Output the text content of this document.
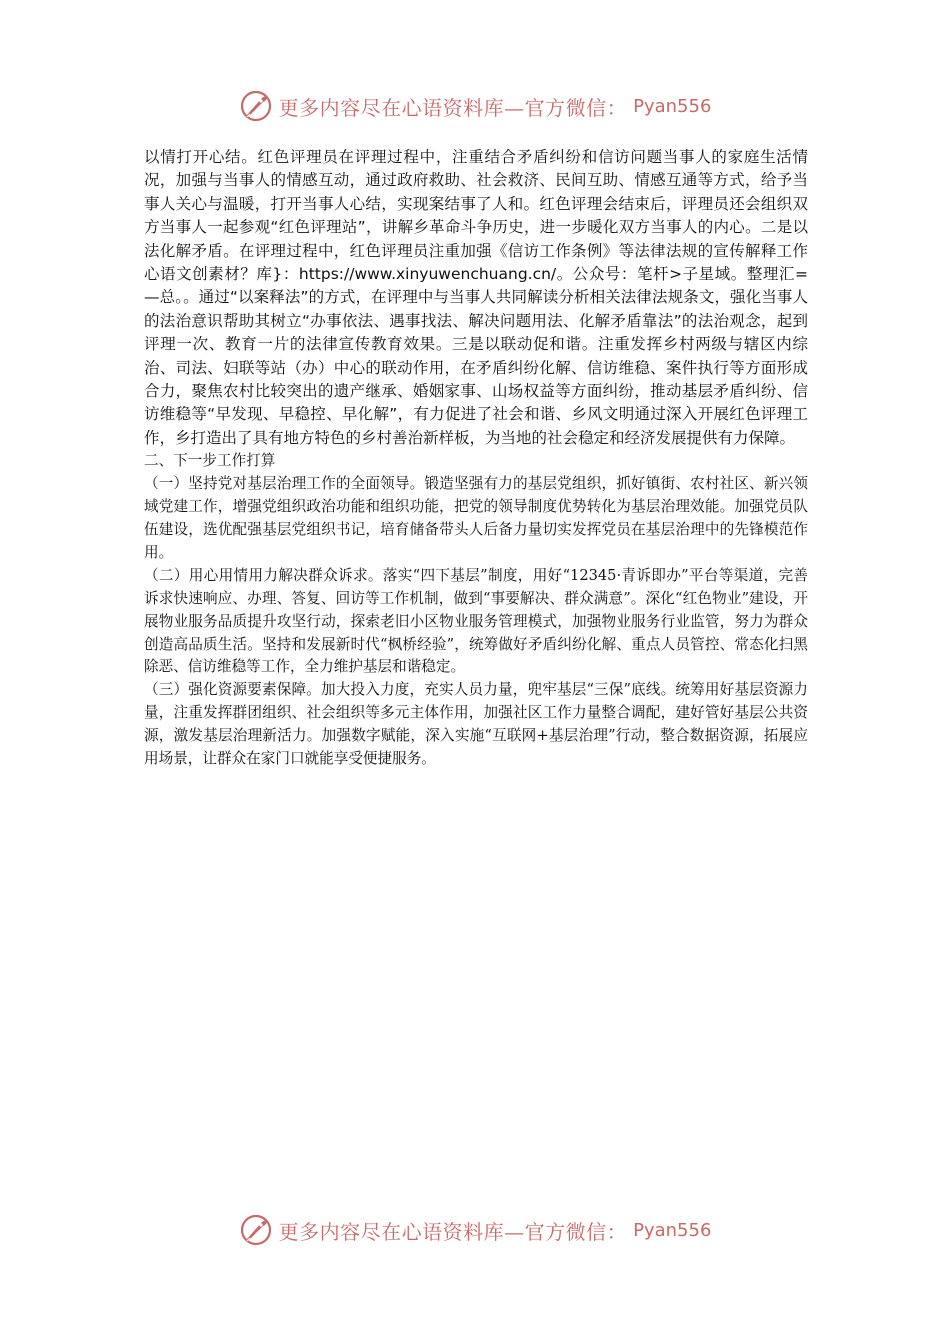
更多内容尽在心语资料库—官方微信： Pyan556

以情打开心结。红色评理员在评理过程中，注重结合矛盾纠纷和信访问题当事人的家庭生活情况，加强与当事人的情感互动，通过政府救助、社会救济、民间互助、情感互通等方式，给予当事人关心与温暖，打开当事人心结，实现案结事了人和。红色评理会结束后，评理员还会组织双方当事人一起参观“红色评理站”，讲解乡革命斗争历史，进一步暖化双方当事人的内心。二是以法化解矛盾。在评理过程中，红色评理员注重加强《信访工作条例》等法律法规的宣传解释工作心语文创素材？库}：https://www.xinyuwenchuang.cn/。公众号：笔杆>子星域。整理汇=—总。。通过“以案释法”的方式，在评理中与当事人共同解读分析相关法律法规条文，强化当事人的法治意识帮助其树立“办事依法、遇事找法、解决问题用法、化解矛盾靠法”的法治观念，起到评理一次、教育一片的法律宣传教育效果。三是以联动促和谐。注重发挥乡村两级与辖区内综治、司法、妇联等站（办）中心的联动作用，在矛盾纠纷化解、信访维稳、案件执行等方面形成合力，聚焦农村比较突出的遗产继承、婚姻家事、山场权益等方面纠纷，推动基层矛盾纠纷、信访维稳等“早发现、早稳控、早化解”，有力促进了社会和谐、乡风文明通过深入开展红色评理工作，乡打造出了具有地方特色的乡村善治新样板，为当地的社会稳定和经济发展提供有力保障。

二、下一步工作打算

（一）坚持党对基层治理工作的全面领导。锻造坚强有力的基层党组织，抓好镇街、农村社区、新兴领域党建工作，增强党组织政治功能和组织功能，把党的领导制度优势转化为基层治理效能。加强党员队伍建设，选优配强基层党组织书记，培育储备带头人后备力量切实发挥党员在基层治理中的先锋模范作用。

（二）用心用情用力解决群众诉求。落实“四下基层”制度，用好“12345·青诉即办”平台等渠道，完善诉求快速响应、办理、答复、回访等工作机制，做到“事要解决、群众满意”。深化“红色物业”建设，开展物业服务品质提升攻坚行动，探索老旧小区物业服务管理模式，加强物业服务行业监管，努力为群众创造高品质生活。坚持和发展新时代“枫桥经验”，统筹做好矛盾纠纷化解、重点人员管控、常态化扫黑除恶、信访维稳等工作，全力维护基层和谐稳定。

（三）强化资源要素保障。加大投入力度，充实人员力量，兜牢基层“三保”底线。统筹用好基层资源力量，注重发挥群团组织、社会组织等多元主体作用，加强社区工作力量整合调配，建好管好基层公共资源，激发基层治理新活力。加强数字赋能，深入实施“互联网+基层治理”行动，整合数据资源，拓展应用场景，让群众在家门口就能享受便捷服务。

更多内容尽在心语资料库—官方微信： Pyan556
